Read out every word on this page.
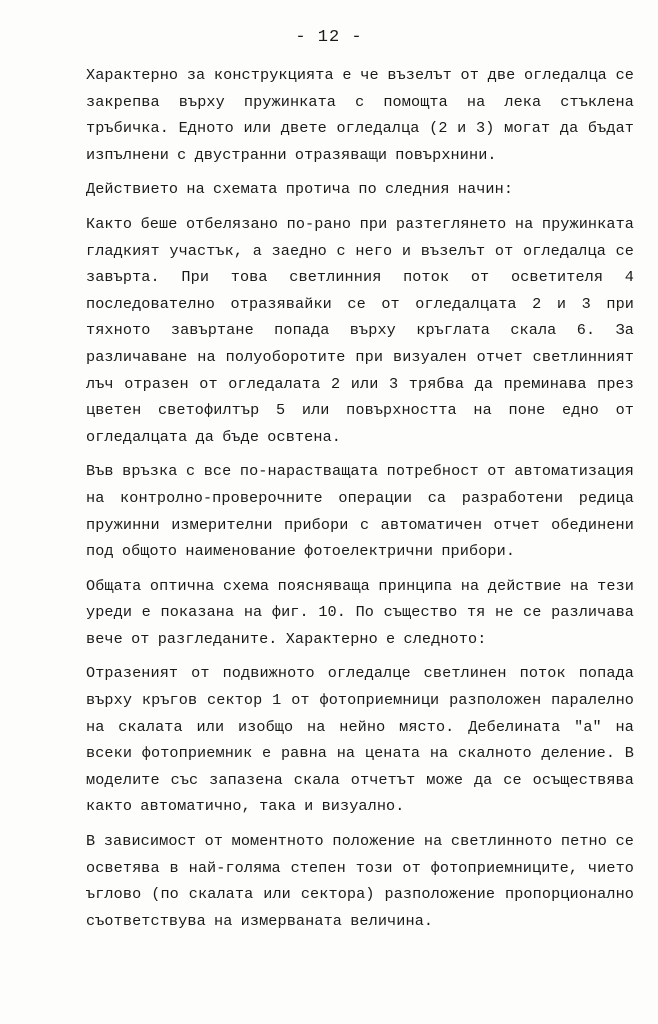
- 12 -

Характерно за конструкцията е че възелът от две огледалца се закрепва върху пружинката с помощта на лека стъклена тръбичка. Едното или двете огледалца (2 и 3) могат да бъдат изпълнени с двустранни отразяващи повърхнини.

Действието на схемата протича по следния начин:

Както беше отбелязано по-рано при разтеглянето на пружинката гладкият участък, а заедно с него и възелът от огледалца се завърта. При това светлинния поток от осветителя 4 последователно отразявайки се от огледалцата 2 и 3 при тяхното завъртане попада върху кръглата скала 6. За различаване на полуоборотите при визуален отчет светлинният лъч отразен от огледалата 2 или 3 трябва да преминава през цветен светофилтър 5 или повърхността на поне едно от огледалцата да бъде освтена.

Във връзка с все по-нарастващата потребност от автоматизация на контролно-проверочните операции са разработени редица пружинни измерителни прибори с автоматичен отчет обединени под общото наименование фотоелектрични прибори.

Общата оптична схема поясняваща принципа на действие на тези уреди е показана на фиг. 10. По същество тя не се различава вече от разгледаните. Характерно е следното:

Отразеният от подвижното огледалце светлинен поток попада върху кръгов сектор 1 от фотоприемници разположен паралелно на скалата или изобщо на нейно място. Дебелината "а" на всеки фотоприемник е равна на цената на скалното деление. В моделите със запазена скала отчетът може да се осъществява както автоматично, така и визуално.

В зависимост от моментното положение на светлинното петно се осветява в най-голяма степен този от фотоприемниците, чието ъглово (по скалата или сектора) разположение пропорционално съответствува на измерваната величина.
